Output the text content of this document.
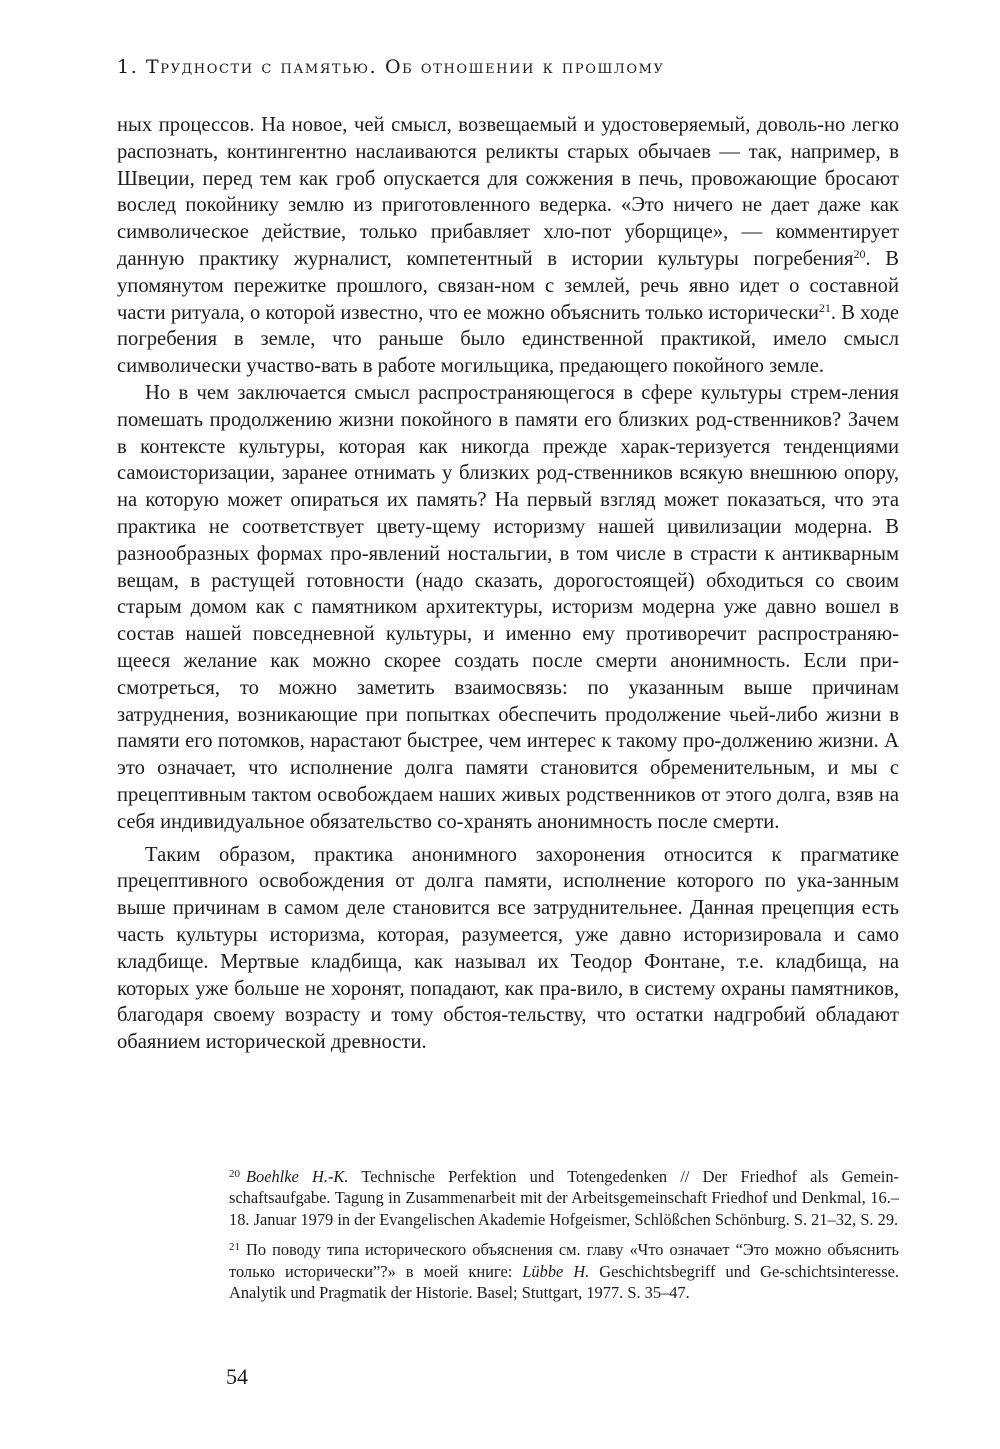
1. Трудности с памятью. Об отношении к прошлому

ных процессов. На новое, чей смысл, возвещаемый и удостоверяемый, доволь-но легко распознать, контингентно наслаиваются реликты старых обычаев — так, например, в Швеции, перед тем как гроб опускается для сожжения в печь, провожающие бросают вослед покойнику землю из приготовленного ведерка. «Это ничего не дает даже как символическое действие, только прибавляет хло-пот уборщице», — комментирует данную практику журналист, компетентный в истории культуры погребения$^{20}$. В упомянутом пережитке прошлого, связан-ном с землей, речь явно идет о составной части ритуала, о которой известно, что ее можно объяснить только исторически$^{21}$. В ходе погребения в земле, что раньше было единственной практикой, имело смысл символически участво-вать в работе могильщика, предающего покойного земле.

Но в чем заключается смысл распространяющегося в сфере культуры стрем-ления помешать продолжению жизни покойного в памяти его близких род-ственников? Зачем в контексте культуры, которая как никогда прежде харак-теризуется тенденциями самоисторизации, заранее отнимать у близких род-ственников всякую внешнюю опору, на которую может опираться их память? На первый взгляд может показаться, что эта практика не соответствует цвету-щему историзму нашей цивилизации модерна. В разнообразных формах про-явлений ностальгии, в том числе в страсти к антикварным вещам, в растущей готовности (надо сказать, дорогостоящей) обходиться со своим старым домом как с памятником архитектуры, историзм модерна уже давно вошел в состав нашей повседневной культуры, и именно ему противоречит распространяю-щееся желание как можно скорее создать после смерти анонимность. Если при-смотреться, то можно заметить взаимосвязь: по указанным выше причинам затруднения, возникающие при попытках обеспечить продолжение чьей-либо жизни в памяти его потомков, нарастают быстрее, чем интерес к такому про-должению жизни. А это означает, что исполнение долга памяти становится обременительным, и мы с прецептивным тактом освобождаем наших живых родственников от этого долга, взяв на себя индивидуальное обязательство со-хранять анонимность после смерти.

Таким образом, практика анонимного захоронения относится к прагматике прецептивного освобождения от долга памяти, исполнение которого по ука-занным выше причинам в самом деле становится все затруднительнее. Данная прецепция есть часть культуры историзма, которая, разумеется, уже давно историзировала и само кладбище. Мертвые кладбища, как называл их Теодор Фонтане, т.е. кладбища, на которых уже больше не хоронят, попадают, как пра-вило, в систему охраны памятников, благодаря своему возрасту и тому обстоя-тельству, что остатки надгробий обладают обаянием исторической древности.

$^{20}$ Boehlke H.-K. Technische Perfektion und Totengedenken // Der Friedhof als Gemein-schaftsaufgabe. Tagung in Zusammenarbeit mit der Arbeitsgemeinschaft Friedhof und Denkmal, 16.–18. Januar 1979 in der Evangelischen Akademie Hofgeismer, Schlößchen Schönburg. S. 21–32, S. 29.

$^{21}$ По поводу типа исторического объяснения см. главу «Что означает “Это можно объяснить только исторически”?» в моей книге: Lübbe H. Geschichtsbegriff und Ge-schichtsinteresse. Analytik und Pragmatik der Historie. Basel; Stuttgart, 1977. S. 35–47.

54
